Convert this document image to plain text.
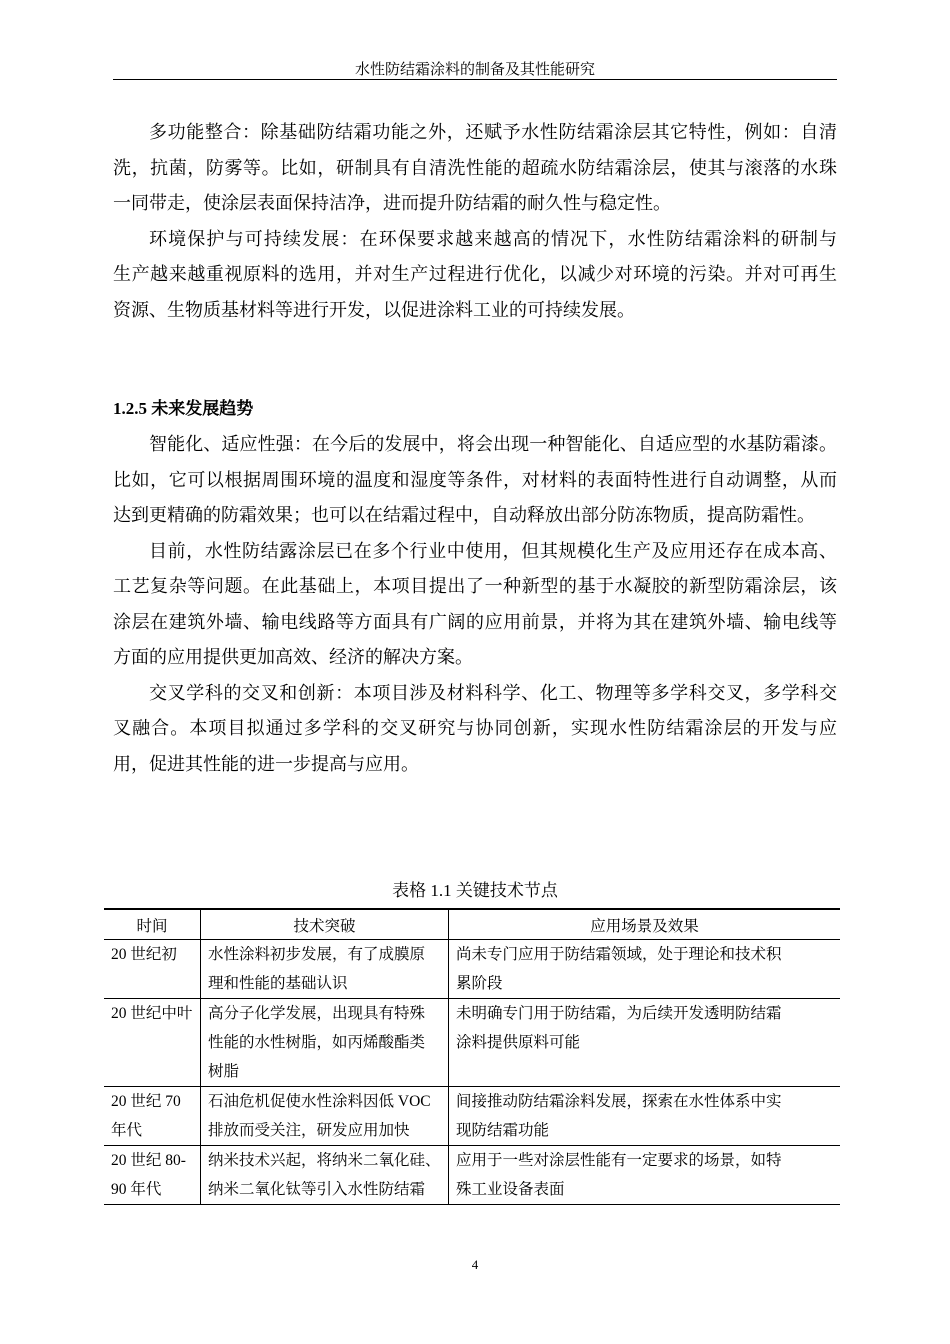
水性防结霜涂料的制备及其性能研究
多功能整合：除基础防结霜功能之外，还赋予水性防结霜涂层其它特性，例如：自清
洗，抗菌，防雾等。比如，研制具有自清洗性能的超疏水防结霜涂层，使其与滚落的水珠
一同带走，使涂层表面保持洁净，进而提升防结霜的耐久性与稳定性。
环境保护与可持续发展：在环保要求越来越高的情况下，水性防结霜涂料的研制与
生产越来越重视原料的选用，并对生产过程进行优化，以减少对环境的污染。并对可再生
资源、生物质基材料等进行开发，以促进涂料工业的可持续发展。
1.2.5 未来发展趋势
智能化、适应性强：在今后的发展中，将会出现一种智能化、自适应型的水基防霜漆。
比如，它可以根据周围环境的温度和湿度等条件，对材料的表面特性进行自动调整，从而
达到更精确的防霜效果；也可以在结霜过程中，自动释放出部分防冻物质，提高防霜性。
目前，水性防结露涂层已在多个行业中使用，但其规模化生产及应用还存在成本高、
工艺复杂等问题。在此基础上，本项目提出了一种新型的基于水凝胶的新型防霜涂层，该
涂层在建筑外墙、输电线路等方面具有广阔的应用前景，并将为其在建筑外墙、输电线等
方面的应用提供更加高效、经济的解决方案。
交叉学科的交叉和创新：本项目涉及材料科学、化工、物理等多学科交叉，多学科交
叉融合。本项目拟通过多学科的交叉研究与协同创新，实现水性防结霜涂层的开发与应
用，促进其性能的进一步提高与应用。
表格 1.1 关键技术节点
时间	技术突破	应用场景及效果

20 世纪初	水性涂料初步发展，有了成膜原
理和性能的基础认识	尚未专门应用于防结霜领域，处于理论和技术积
累阶段

20 世纪中叶	高分子化学发展，出现具有特殊
性能的水性树脂，如丙烯酸酯类
树脂	未明确专门用于防结霜，为后续开发透明防结霜
涂料提供原料可能

20 世纪 70
年代	石油危机促使水性涂料因低 VOC
排放而受关注，研发应用加快	间接推动防结霜涂料发展，探索在水性体系中实
现防结霜功能

20 世纪 80-
90 年代	纳米技术兴起，将纳米二氧化硅、
纳米二氧化钛等引入水性防结霜	应用于一些对涂层性能有一定要求的场景，如特
殊工业设备表面
4
